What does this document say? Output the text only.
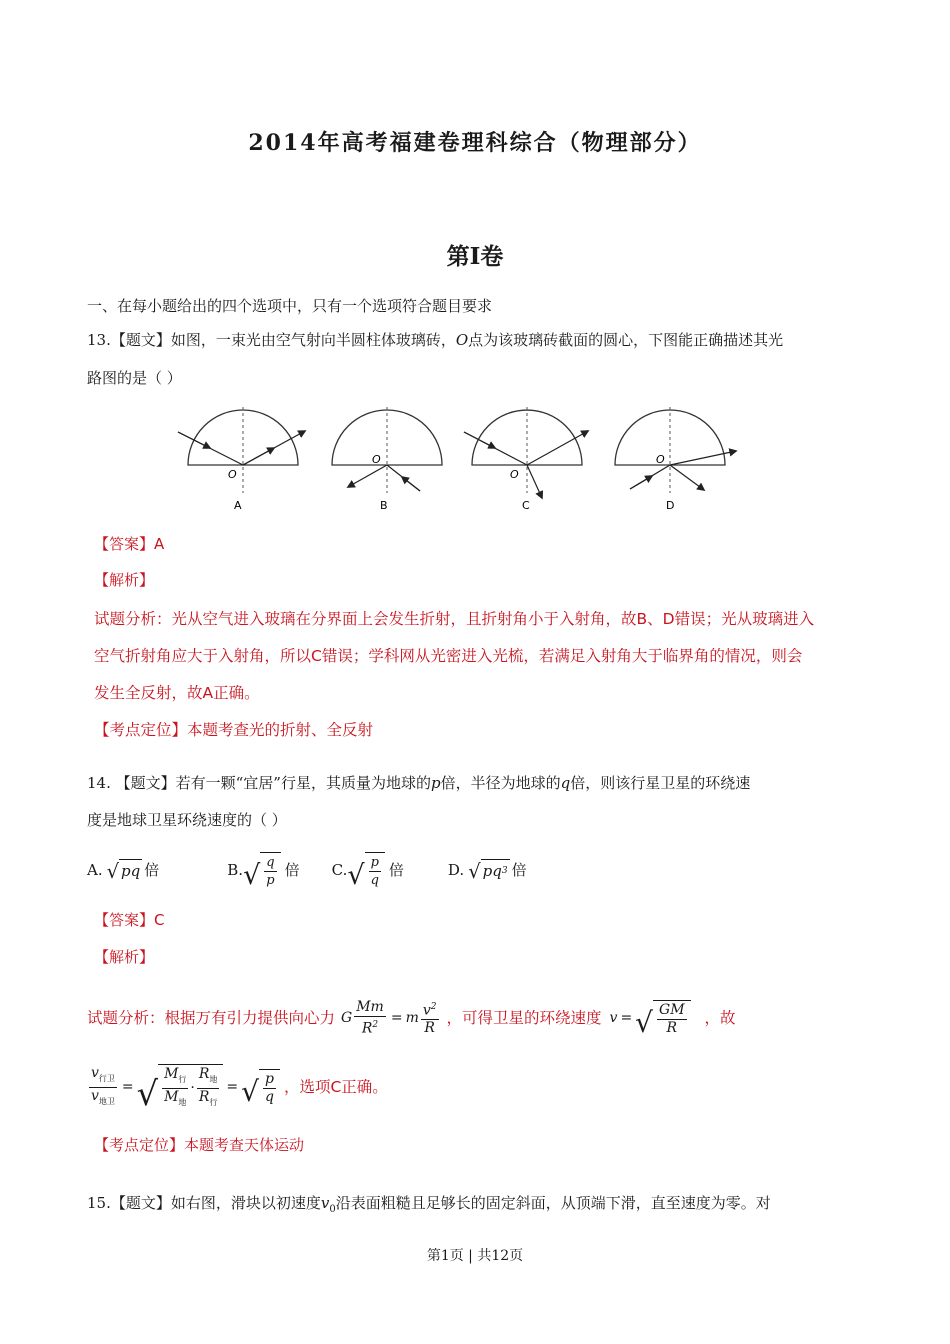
2014年高考福建卷理科综合（物理部分）
第Ⅰ卷
一、在每小题给出的四个选项中，只有一个选项符合题目要求
13.【题文】如图，一束光由空气射向半圆柱体玻璃砖，O点为该玻璃砖截面的圆心，下图能正确描述其光
路图的是（ ）
O
A
O
B
O
C
O
D
【答案】A
【解析】
试题分析：光从空气进入玻璃在分界面上会发生折射，且折射角小于入射角，故B、D错误；光从玻璃进入
空气折射角应大于入射角，所以C错误；学科网从光密进入光梳，若满足入射角大于临界角的情况，则会
发生全反射，故A正确。
【考点定位】本题考查光的折射、全反射
14. 【题文】若有一颗“宜居”行星，其质量为地球的p倍，半径为地球的q倍，则该行星卫星的环绕速
度是地球卫星环绕速度的（ ）
A. √ pq 倍	B. √ $\frac{q}{p}$ 倍 C. √ $\frac{p}{q}$ 倍	D. √ pq 3 倍
【答案】C
【解析】
试题分析：根据万有引力提供向心力 G $\frac{Mm}{R^2} = m \frac{v^2}{R}$ ，可得卫星的环绕速度 v = √ $\frac{GM}{R}$ ，故
$\frac{v_{行卫}}{v_{地卫}}$ = √ $\frac{M_行}{M_地} \cdot \frac{R_地}{R_行}$ = √ $\frac{p}{q}$ ，选项C正确。
【考点定位】本题考查天体运动
15.【题文】如右图，滑块以初速度$v_0$沿表面粗糙且足够长的固定斜面，从顶端下滑，直至速度为零。对
第1页 | 共12页
